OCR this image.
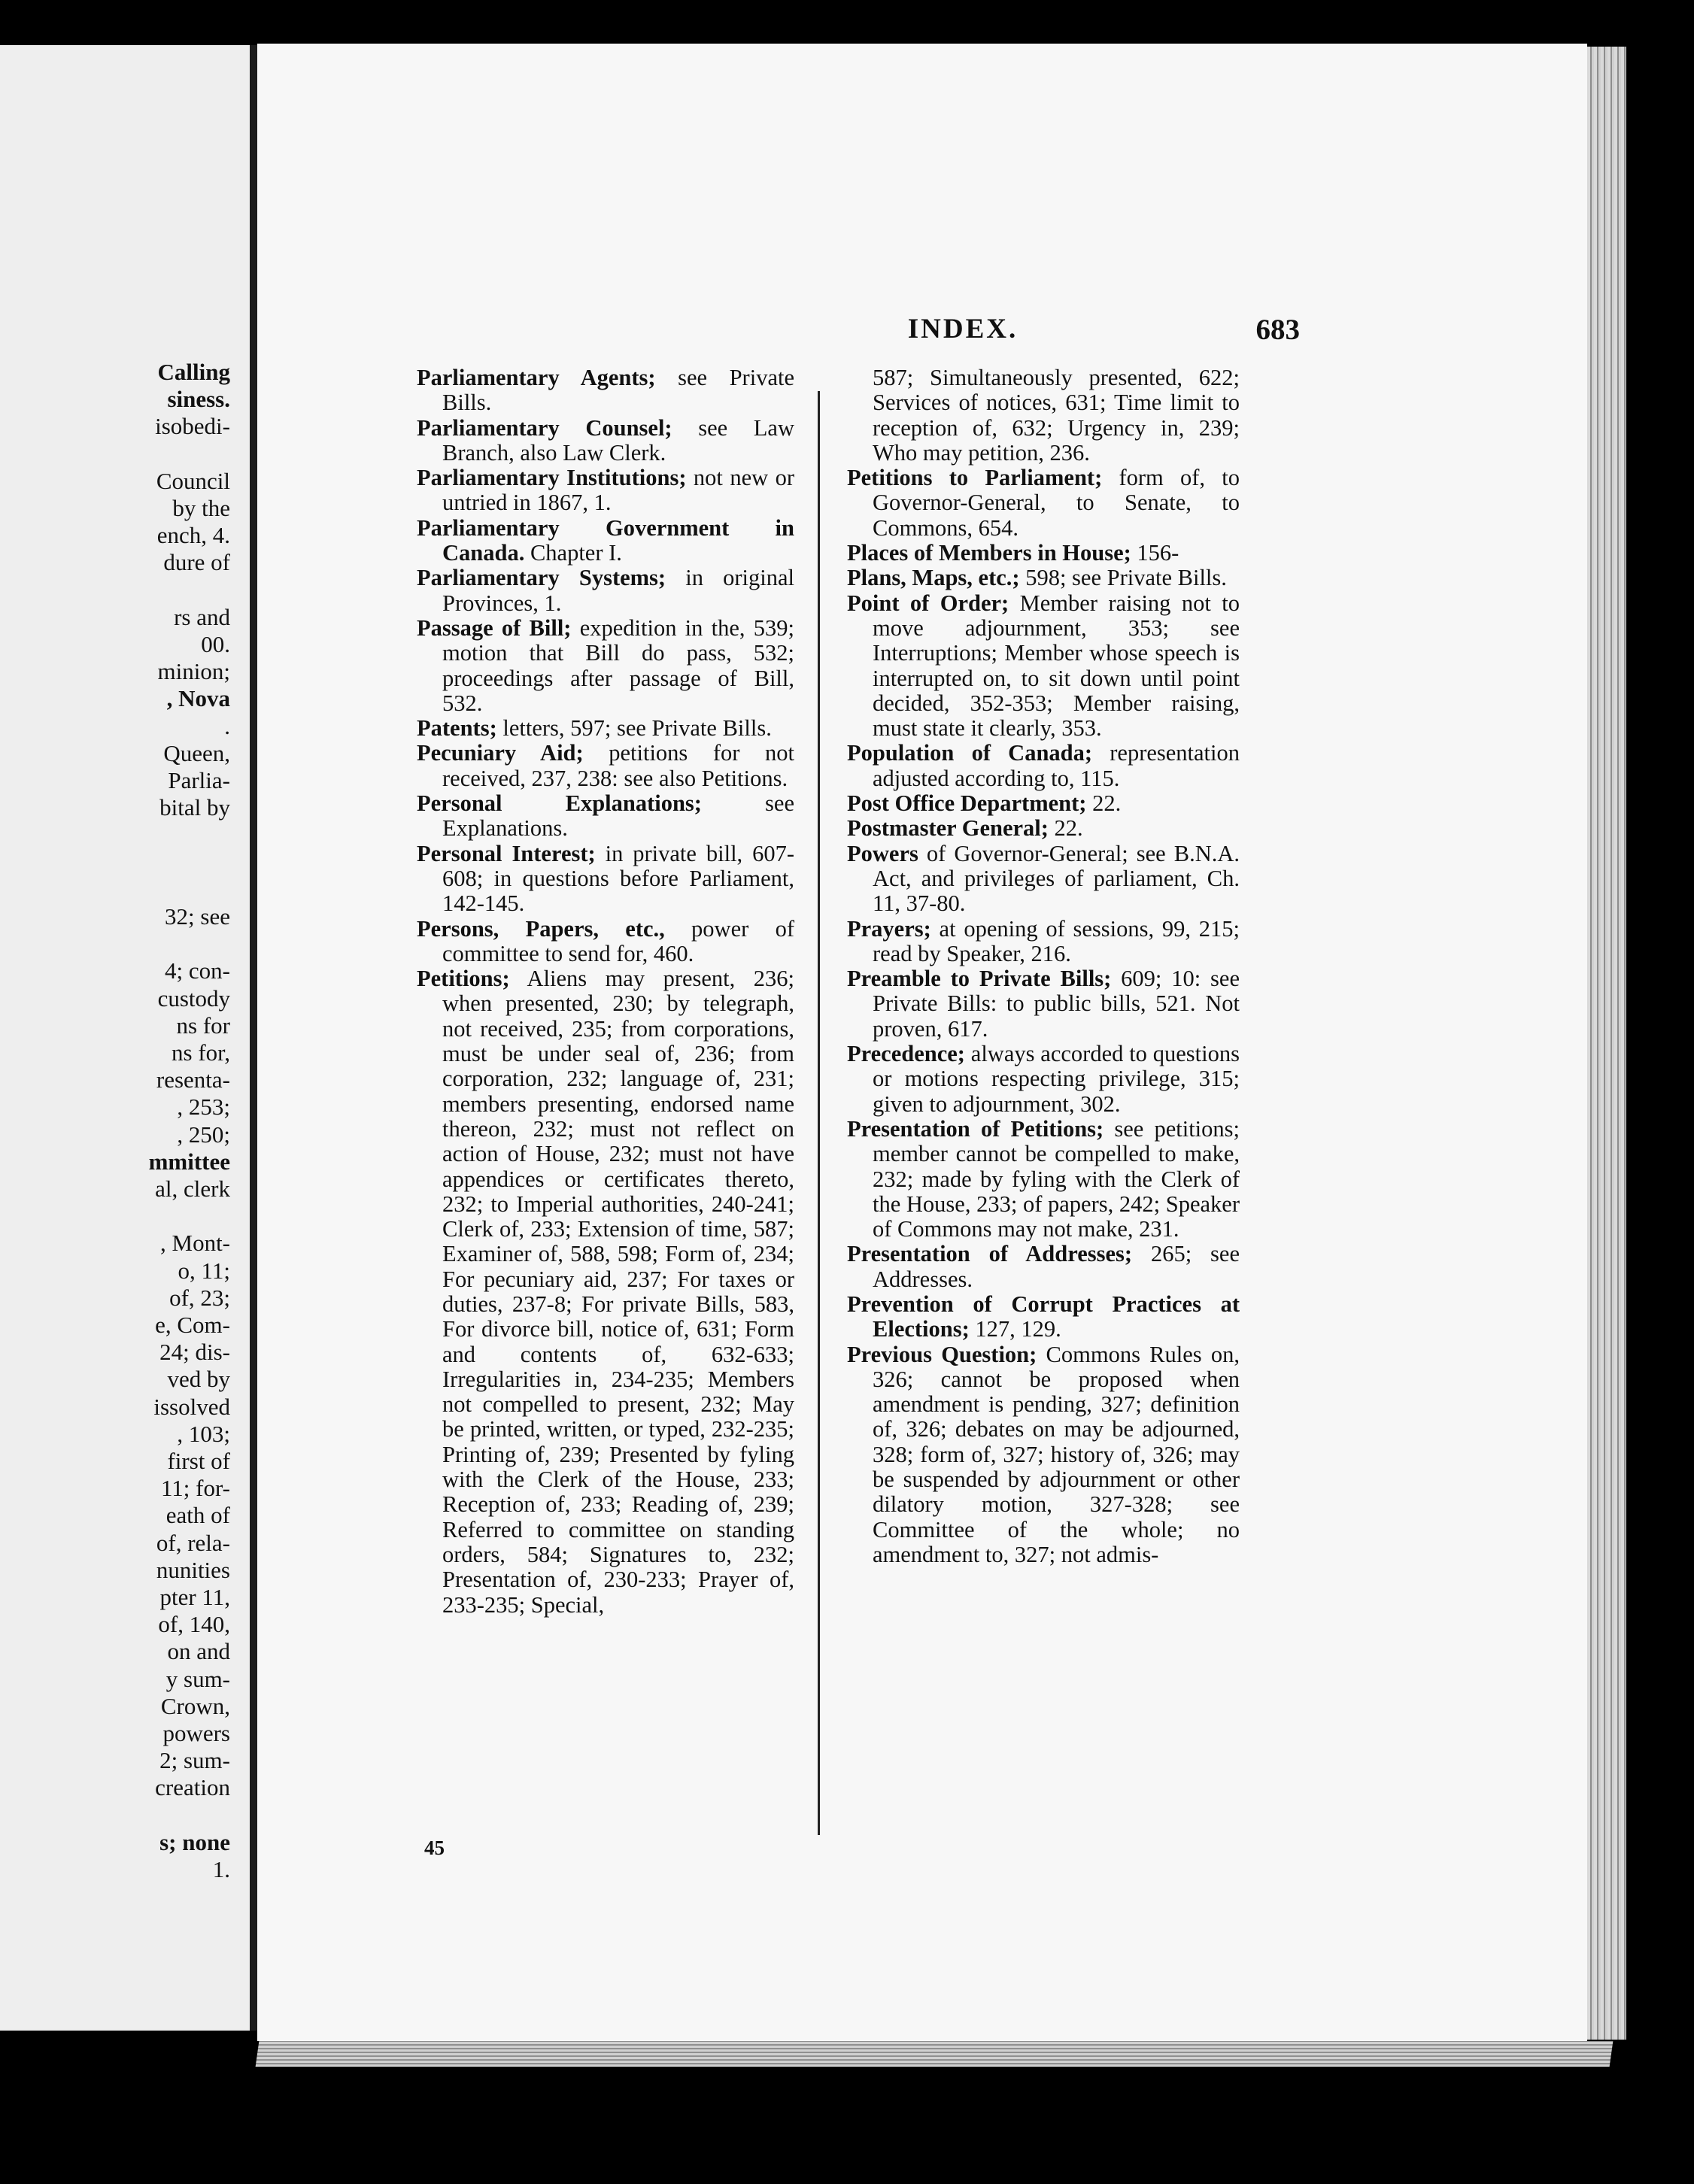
Calling
siness.
isobedi-
Council
by the
ench, 4.
dure of
rs and
00.
minion;
, Nova
.
Queen,
Parlia-
bital by
32; see
4; con-
custody
ns for
ns for,
resenta-
, 253;
, 250;
mmittee
al, clerk
, Mont-
o, 11;
of, 23;
e, Com-
24; dis-
ved by
issolved
, 103;
first of
11; for-
eath of
of, rela-
nunities
pter 11,
of, 140,
on and
y sum-
Crown,
powers
2; sum-
creation
s; none
1.
INDEX.	683
Parliamentary Agents; see Private Bills.
Parliamentary Counsel; see Law Branch, also Law Clerk.
Parliamentary Institutions; not new or untried in 1867, 1.
Parliamentary Government in Canada. Chapter I.
Parliamentary Systems; in original Provinces, 1.
Passage of Bill; expedition in the, 539; motion that Bill do pass, 532; proceedings after passage of Bill, 532.
Patents; letters, 597; see Private Bills.
Pecuniary Aid; petitions for not received, 237, 238: see also Petitions.
Personal Explanations; see Explanations.
Personal Interest; in private bill, 607-608; in questions before Parliament, 142-145.
Persons, Papers, etc., power of committee to send for, 460.
Petitions; Aliens may present, 236; when presented, 230; by telegraph, not received, 235; from corporations, must be under seal of, 236; from corporation, 232; language of, 231; members presenting, endorsed name thereon, 232; must not reflect on action of House, 232; must not have appendices or certificates thereto, 232; to Imperial authorities, 240-241; Clerk of, 233; Extension of time, 587; Examiner of, 588, 598; Form of, 234; For pecuniary aid, 237; For taxes or duties, 237-8; For private Bills, 583, For divorce bill, notice of, 631; Form and contents of, 632-633; Irregularities in, 234-235; Members not compelled to present, 232; May be printed, written, or typed, 232-235; Printing of, 239; Presented by fyling with the Clerk of the House, 233; Reception of, 233; Reading of, 239; Referred to committee on standing orders, 584; Signatures to, 232; Presentation of, 230-233; Prayer of, 233-235; Special,
587; Simultaneously presented, 622; Services of notices, 631; Time limit to reception of, 632; Urgency in, 239; Who may petition, 236.
Petitions to Parliament; form of, to Governor-General, to Senate, to Commons, 654.
Places of Members in House; 156-
Plans, Maps, etc.; 598; see Private Bills.
Point of Order; Member raising not to move adjournment, 353; see Interruptions; Member whose speech is interrupted on, to sit down until point decided, 352-353; Member raising, must state it clearly, 353.
Population of Canada; representation adjusted according to, 115.
Post Office Department; 22.
Postmaster General; 22.
Powers of Governor-General; see B.N.A. Act, and privileges of parliament, Ch. 11, 37-80.
Prayers; at opening of sessions, 99, 215; read by Speaker, 216.
Preamble to Private Bills; 609; 10: see Private Bills: to public bills, 521. Not proven, 617.
Precedence; always accorded to questions or motions respecting privilege, 315; given to adjournment, 302.
Presentation of Petitions; see petitions; member cannot be compelled to make, 232; made by fyling with the Clerk of the House, 233; of papers, 242; Speaker of Commons may not make, 231.
Presentation of Addresses; 265; see Addresses.
Prevention of Corrupt Practices at Elections; 127, 129.
Previous Question; Commons Rules on, 326; cannot be proposed when amendment is pending, 327; definition of, 326; debates on may be adjourned, 328; form of, 327; history of, 326; may be suspended by adjournment or other dilatory motion, 327-328; see Committee of the whole; no amendment to, 327; not admis-
45
